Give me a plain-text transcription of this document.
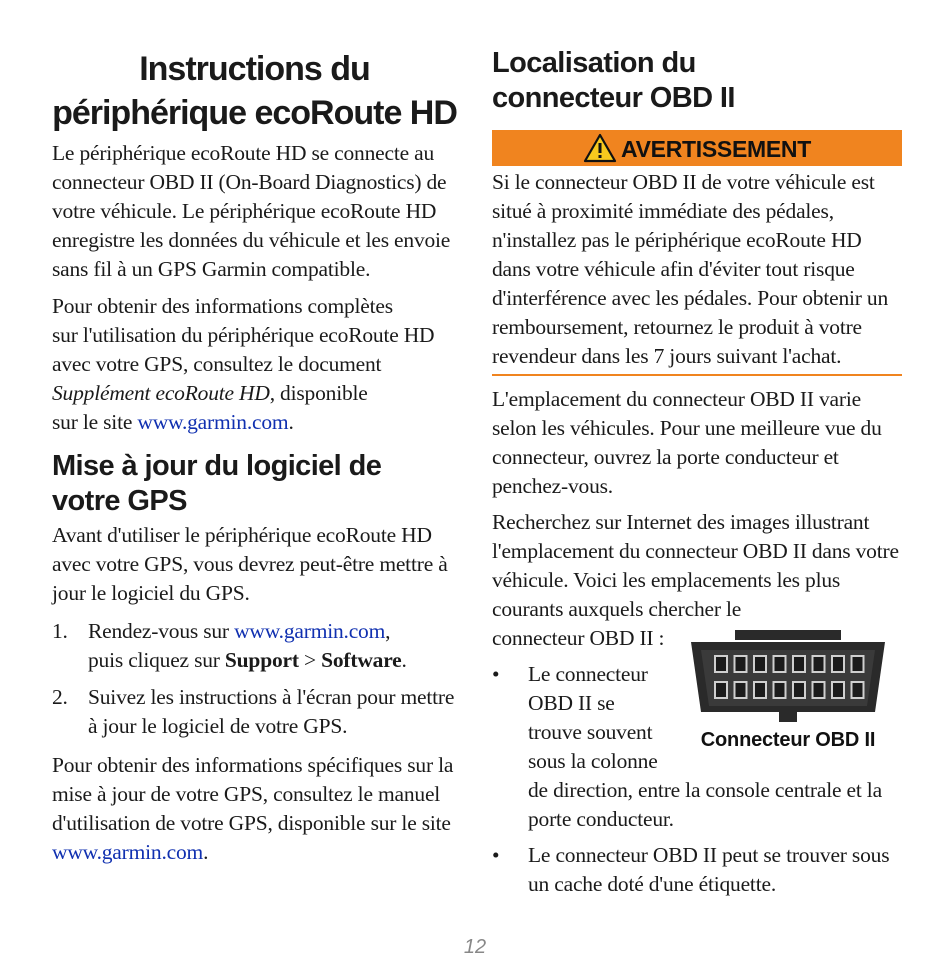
Instructions du
périphérique ecoRoute HD

Le périphérique ecoRoute HD se connecte au connecteur OBD II (On-Board Diagnostics) de votre véhicule. Le périphérique ecoRoute HD enregistre les données du véhicule et les envoie sans fil à un GPS Garmin compatible.

Pour obtenir des informations complètes
sur l'utilisation du périphérique ecoRoute HD
avec votre GPS, consultez le document
Supplément ecoRoute HD, disponible
sur le site www.garmin.com.

Mise à jour du logiciel de
votre GPS

Avant d'utiliser le périphérique ecoRoute HD avec votre GPS, vous devrez peut-être mettre à jour le logiciel du GPS.

1. Rendez-vous sur www.garmin.com,
puis cliquez sur Support > Software.
2. Suivez les instructions à l'écran pour mettre à jour le logiciel de votre GPS.

Pour obtenir des informations spécifiques sur la mise à jour de votre GPS, consultez le manuel d'utilisation de votre GPS, disponible sur le site www.garmin.com.

Localisation du
connecteur OBD II
AVERTISSEMENT

Si le connecteur OBD II de votre véhicule est situé à proximité immédiate des pédales, n'installez pas le périphérique ecoRoute HD dans votre véhicule afin d'éviter tout risque d'interférence avec les pédales. Pour obtenir un remboursement, retournez le produit à votre revendeur dans les 7 jours suivant l'achat.

L'emplacement du connecteur OBD II varie selon les véhicules. Pour une meilleure vue du connecteur, ouvrez la porte conducteur et penchez-vous.

Recherchez sur Internet des images illustrant l'emplacement du connecteur OBD II dans votre véhicule. Voici les emplacements les plus courants auxquels chercher le
connecteur OBD II :

• Le connecteur
OBD II se
trouve souvent
sous la colonne
de direction, entre la console centrale et la porte conducteur.
• Le connecteur OBD II peut se trouver sous un cache doté d'une étiquette.
Connecteur OBD II
12
